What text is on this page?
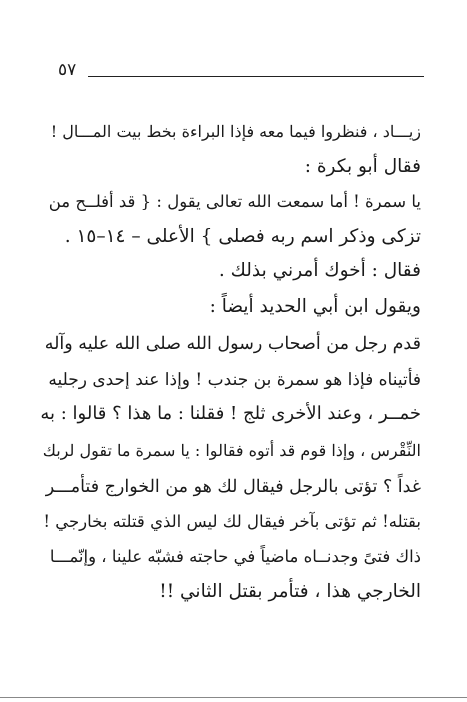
٥٧
زيـــاد ، فنظروا فيما معه فإذا البراءة بخط بيت المـــال !
فقال أبو بكرة :
يا سمرة ! أما سمعت الله تعالى يقول : { قد أفلــح من
تزكى وذكر اسم ربه فصلى } الأعلى – ١٤–١٥ .
فقال : أخوك أمرني بذلك .
ويقول ابن أبي الحديد أيضاً :
قدم رجل من أصحاب رسول الله صلى الله عليه وآله
فأتيناه فإذا هو سمرة بن جندب ! وإذا عند إحدى رجليه
خمــر ، وعند الأخرى ثلج ! فقلنا : ما هذا ؟ قالوا : به
النِّقْرس ، وإذا قوم قد أتوه فقالوا : يا سمرة ما تقول لربك
غداً ؟ تؤتى بالرجل فيقال لك هو من الخوارج فتأمـــر
بقتله! ثم تؤتى بآخر فيقال لك ليس الذي قتلته بخارجي !
ذاك فتىً وجدنــاه ماضياً في حاجته فشبّه علينا ، وإنّمـــا
الخارجي هذا ، فتأمر بقتل الثاني !!
